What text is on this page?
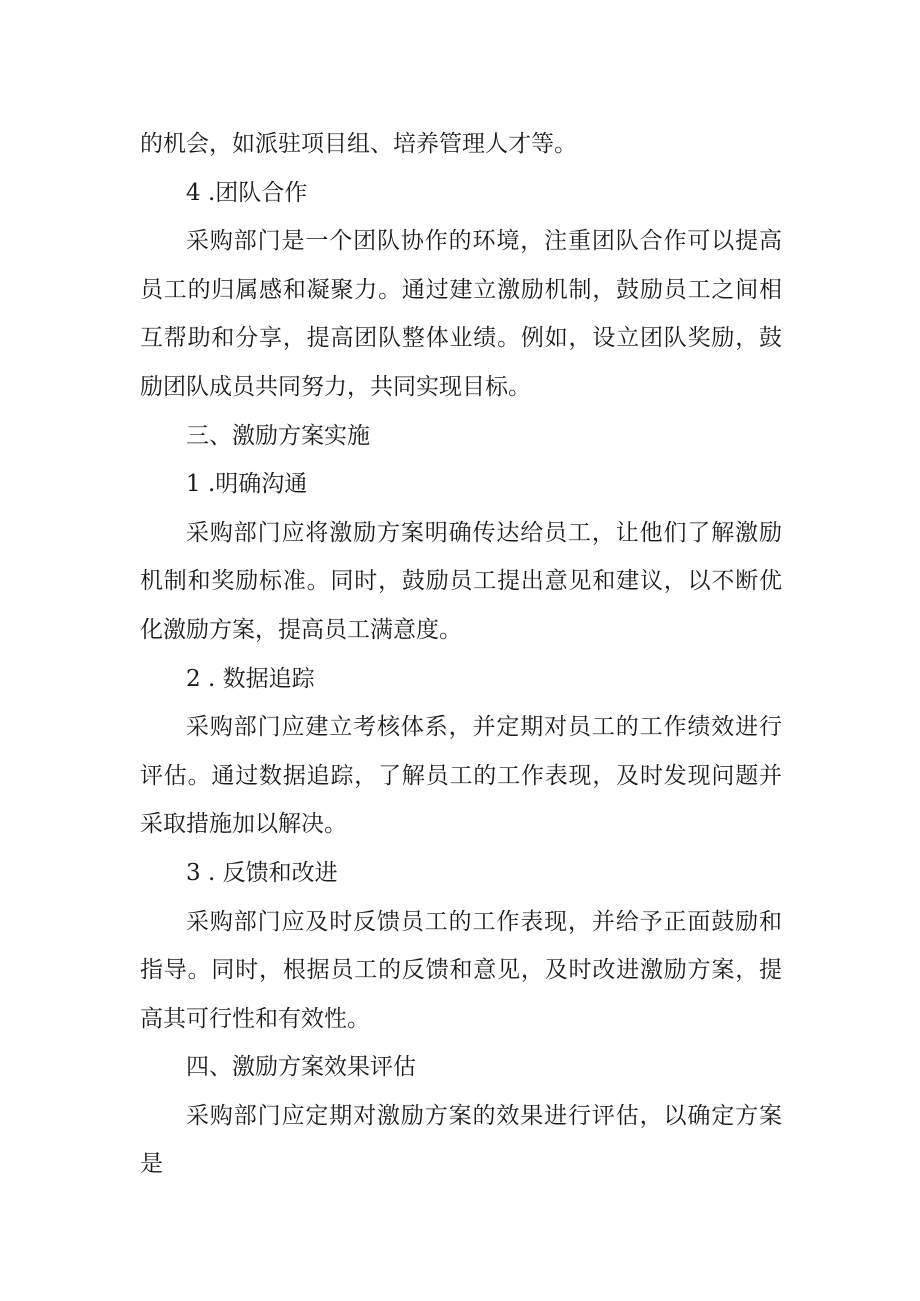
的机会，如派驻项目组、培养管理人才等。

4 .团队合作

采购部门是一个团队协作的环境，注重团队合作可以提高员工的归属感和凝聚力。通过建立激励机制，鼓励员工之间相互帮助和分享，提高团队整体业绩。例如，设立团队奖励，鼓励团队成员共同努力，共同实现目标。

三、激励方案实施

1 .明确沟通

采购部门应将激励方案明确传达给员工，让他们了解激励机制和奖励标准。同时，鼓励员工提出意见和建议，以不断优化激励方案，提高员工满意度。

2 . 数据追踪

采购部门应建立考核体系，并定期对员工的工作绩效进行评估。通过数据追踪，了解员工的工作表现，及时发现问题并采取措施加以解决。

3 . 反馈和改进

采购部门应及时反馈员工的工作表现，并给予正面鼓励和指导。同时，根据员工的反馈和意见，及时改进激励方案，提高其可行性和有效性。

四、激励方案效果评估

采购部门应定期对激励方案的效果进行评估，以确定方案是
